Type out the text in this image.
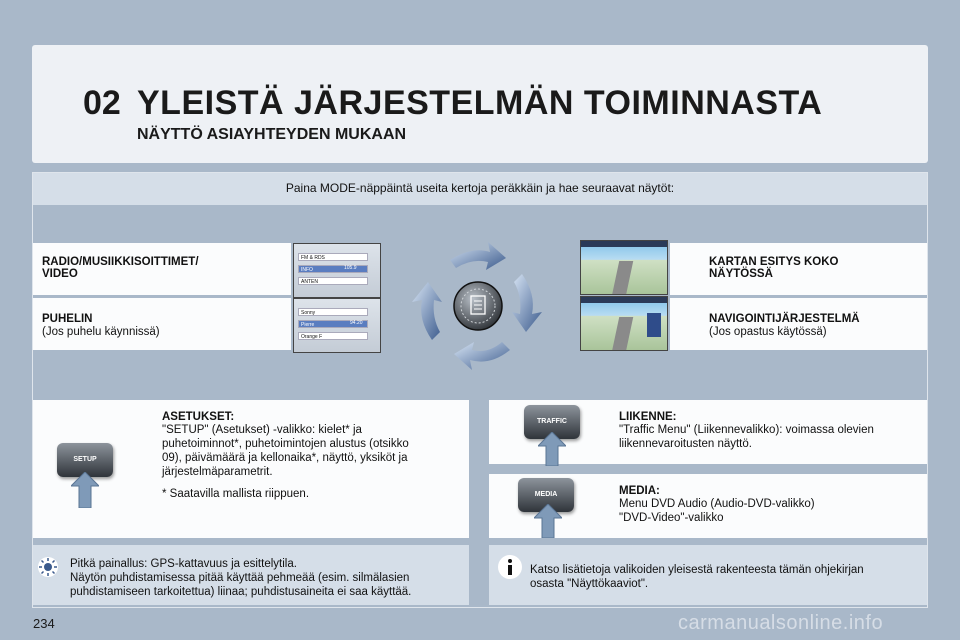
02 YLEISTÄ JÄRJESTELMÄN TOIMINNASTA
NÄYTTÖ ASIAYHTEYDEN MUKAAN
Paina MODE-näppäintä useita kertoja peräkkäin ja hae seuraavat näytöt:
RADIO/MUSIIKKISOITTIMET/
VIDEO
FM & RDS
INFO
ANTEN
105.9
PUHELIN
(Jos puhelu käynnissä)
Sonny
Pierre
Orange F
94.20
KARTAN ESITYS KOKO
NÄYTÖSSÄ
NAVIGOINTIJÄRJESTELMÄ
(Jos opastus käytössä)
SETUP
ASETUKSET:
"SETUP" (Asetukset) -valikko: kielet* ja
puhetoiminnot*, puhetoimintojen alustus (otsikko
09), päivämäärä ja kellonaika*, näyttö, yksiköt ja
järjestelmäparametrit.
* Saatavilla mallista riippuen.
TRAFFIC	LIIKENNE:
"Traffic Menu" (Liikennevalikko): voimassa olevien
liikennevaroitusten näyttö.
MEDIA	MEDIA:
Menu DVD Audio (Audio-DVD-valikko)
"DVD-Video"-valikko
Pitkä painallus: GPS-kattavuus ja esittelytila.
Näytön puhdistamisessa pitää käyttää pehmeää (esim. silmälasien
puhdistamiseen tarkoitettua) liinaa; puhdistusaineita ei saa käyttää.
Katso lisätietoja valikoiden yleisestä rakenteesta tämän ohjekirjan
osasta "Näyttökaaviot".
234	carmanualsonline.info
